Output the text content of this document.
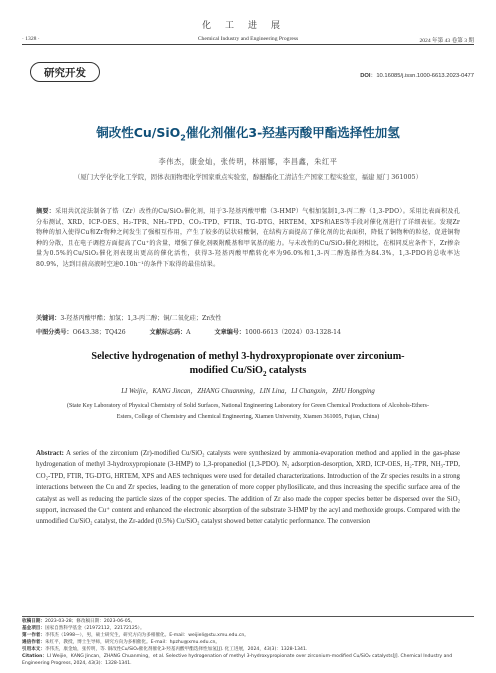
化工进展
· 1328 ·	Chemical Industry and Engineering Progress	2024 年第 43 卷第 3 期
研究开发	DOI：10.16085/j.issn.1000-6613.2023-0477
铜改性Cu/SiO$_2$催化剂催化3-羟基丙酸甲酯选择性加氢
李伟杰，康金灿，张传明，林丽娜，李昌鑫，朱红平
（厦门大学化学化工学院，固体表面物理化学国家重点实验室，醇醚酯化工清洁生产国家工程实验室，福建 厦门 361005）
摘要：采用共沉淀法制备了锆（Zr）改性的Cu/SiO₂催化剂，用于3-羟基丙酸甲酯（3-HMP）气相加氢制1,3-丙二醇（1,3-PDO）。采用比表面积及孔分布测试、XRD、ICP-OES、H₂-TPR、NH₃-TPD、CO₂-TPD、FTIR、TG-DTG、HRTEM、XPS和AES等手段对催化剂进行了详细表征。发现Zr物种的加入使得Cu和Zr物种之间发生了强相互作用，产生了较多的层状硅酸铜，在结构方面提高了催化剂的比表面积，降低了铜物种的粒径，促进铜物种的分散，且在电子调控方面提高了Cu⁺的含量，增强了催化剂吸附酰基和甲氧基的能力。与未改性的Cu/SiO₂催化剂相比，在相同反应条件下，Zr掺杂量为0.5%的Cu/SiO₂催化剂表现出更高的催化活性，获得3-羟基丙酸甲酯转化率为96.0%和1,3-丙二醇选择性为84.3%，1,3-PDO的总收率达80.9%，达到目前高液时空速0.10h⁻¹的条件下取得的最佳结果。
关键词：3-羟基丙酸甲酯；加氢；1,3-丙二醇；铜/二氧化硅；Zr改性
中图分类号：O643.38；TQ426	文献标志码：A	文章编号：1000-6613（2024）03-1328-14
Selective hydrogenation of methyl 3-hydroxypropionate over zirconium-
modified Cu/SiO$_2$ catalysts
LI Weijie，KANG Jincan，ZHANG Chuanming，LIN Lina，LI Changxin，ZHU Hongping
(State Key Laboratory of Physical Chemistry of Solid Surfaces, National Engineering Laboratory for Green Chemical Productions of Alcohols-Ethers-Esters, College of Chemistry and Chemical Engineering, Xiamen University, Xiamen 361005, Fujian, China)
Abstract: A series of the zirconium (Zr)-modified Cu/SiO₂ catalysts were synthesized by ammonia-evaporation method and applied in the gas-phase hydrogenation of methyl 3-hydroxypropionate (3-HMP) to 1,3-propanediol (1,3-PDO). N₂ adsorption-desorption, XRD, ICP-OES, H₂-TPR, NH₃-TPD, CO₂-TPD, FTIR, TG-DTG, HRTEM, XPS and AES techniques were used for detailed characterizations. Introduction of the Zr species results in a strong interactions between the Cu and Zr species, leading to the generation of more copper phyllosilicate, and thus increasing the specific surface area of the catalyst as well as reducing the particle sizes of the copper species. The addition of Zr also made the copper species better be dispersed over the SiO₂ support, increased the Cu⁺ content and enhanced the electronic absorption of the substrate 3-HMP by the acyl and methoxide groups. Compared with the unmodified Cu/SiO₂ catalyst, the Zr-added (0.5%) Cu/SiO₂ catalyst showed better catalytic performance. The conversion
收稿日期：2023-03-28；修改稿日期：2023-06-05。
基金项目：国家自然科学基金（21972112，22172125）。
第一作者：李伟杰（1998—），男，硕士研究生，研究方向为多相催化。E-mail：weijieli@stu.xmu.edu.cn。
通信作者：朱红平，教授，博士生导师，研究方向为多相催化。E-mail：hpzhu@xmu.edu.cn。
引用本文：李伟杰，康金灿，张传明，等. 铜改性Cu/SiO₂催化剂催化3-羟基丙酸甲酯选择性加氢[J]. 化工进展，2024，43(3)：1328-1341.
Citation：LI Weijie，KANG Jincan，ZHANG Chuanming，et al. Selective hydrogenation of methyl 3-hydroxypropionate over zirconium-modified Cu/SiO₂ catalysts[J]. Chemical Industry and Engineering Progress, 2024, 43(3)：1328-1341.
